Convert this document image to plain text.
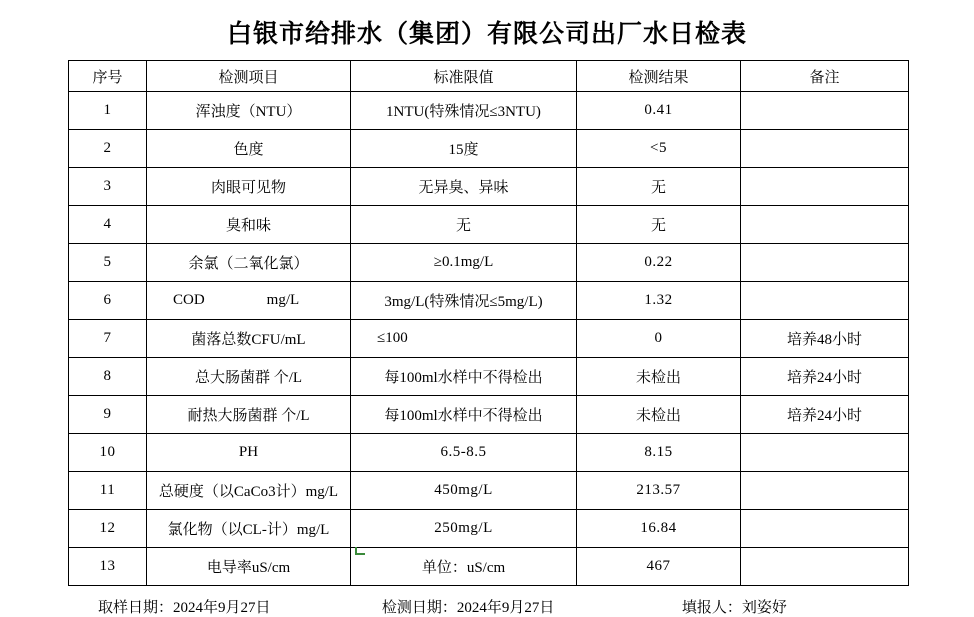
白银市给排水（集团）有限公司出厂水日检表
序号	检测项目	标准限值	检测结果	备注
1	浑浊度（NTU）	1NTU(特殊情况≤3NTU)	0.41	
2	色度	15度	<5	
3	肉眼可见物	无异臭、异味	无	
4	臭和味	无	无	
5	余氯（二氧化氯）	≥0.1mg/L	0.22	
6	COD mg/L	3mg/L(特殊情况≤5mg/L)	1.32	
7	菌落总数CFU/mL	≤100	0	培养48小时
8	总大肠菌群 个/L	每100ml水样中不得检出	未检出	培养24小时
9	耐热大肠菌群 个/L	每100ml水样中不得检出	未检出	培养24小时
10	PH	6.5-8.5	8.15	
11	总硬度（以CaCo3计）mg/L	450mg/L	213.57	
12	氯化物（以CL-计）mg/L	250mg/L	16.84	
13	电导率uS/cm	单位：uS/cm	467	
取样日期：2024年9月27日	检测日期：2024年9月27日	填报人：刘姿妤
